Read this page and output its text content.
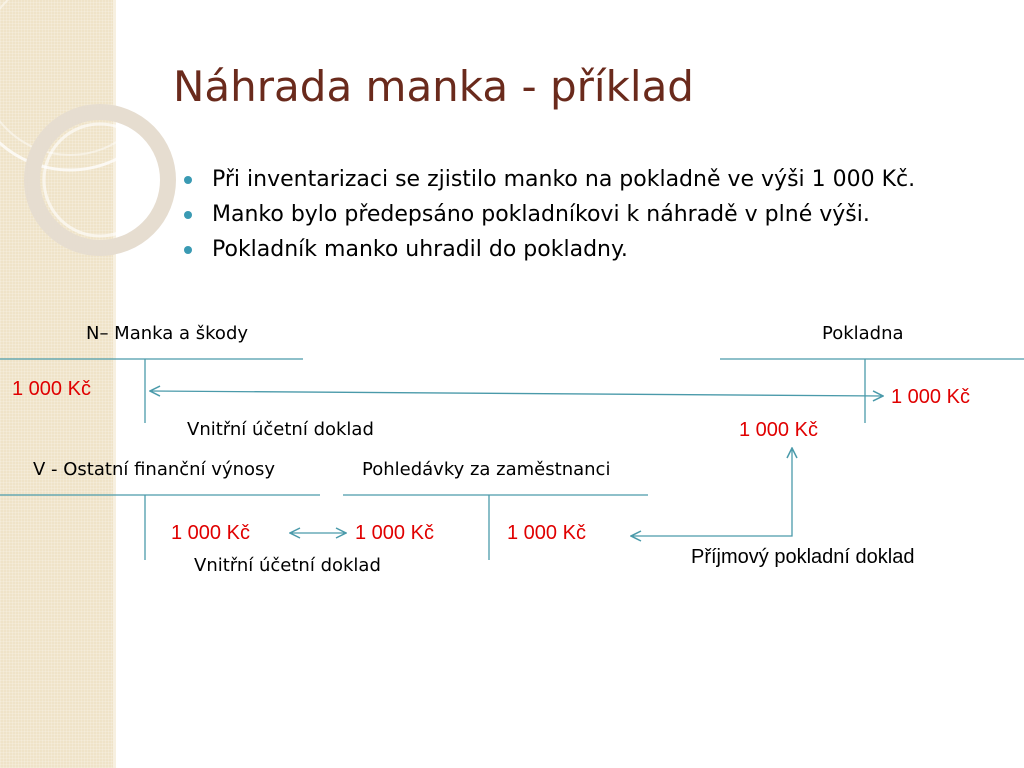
Náhrada manka - příklad
Při inventarizaci se zjistilo manko na pokladně ve výši 1 000 Kč.
Manko bylo předepsáno pokladníkovi k náhradě v plné výši.
Pokladník manko uhradil do pokladny.
N– Manka a škody	Pokladna
1 000 Kč	1 000 Kč
Vnitřní účetní doklad	1 000 Kč
V - Ostatní finanční výnosy	Pohledávky za zaměstnanci
1 000 Kč	1 000 Kč	1 000 Kč
Vnitřní účetní doklad	Příjmový pokladní doklad
